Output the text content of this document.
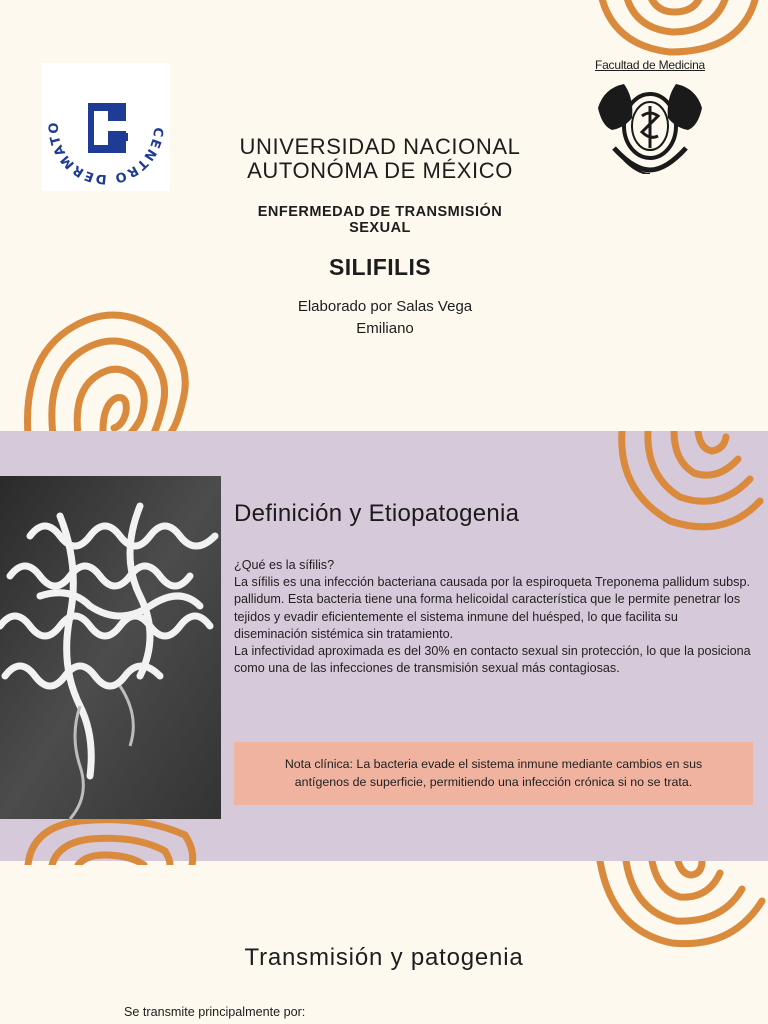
CENTRO DERMATO
Facultad de Medicina
UNIVERSIDAD NACIONAL
AUTONÓMA DE MÉXICO
ENFERMEDAD DE TRANSMISIÓN
SEXUAL
SILIFILIS
Elaborado por Salas Vega
Emiliano
Definición y Etiopatogenia

¿Qué es la sífilis?

La sífilis es una infección bacteriana causada por la espiroqueta Treponema pallidum subsp. pallidum. Esta bacteria tiene una forma helicoidal característica que le permite penetrar los tejidos y evadir eficientemente el sistema inmune del huésped, lo que facilita su diseminación sistémica sin tratamiento.

La infectividad aproximada es del 30% en contacto sexual sin protección, lo que la posiciona como una de las infecciones de transmisión sexual más contagiosas.

Nota clínica: La bacteria evade el sistema inmune mediante cambios en sus antígenos de superficie, permitiendo una infección crónica si no se trata.
Transmisión y patogenia
Se transmite principalmente por:
